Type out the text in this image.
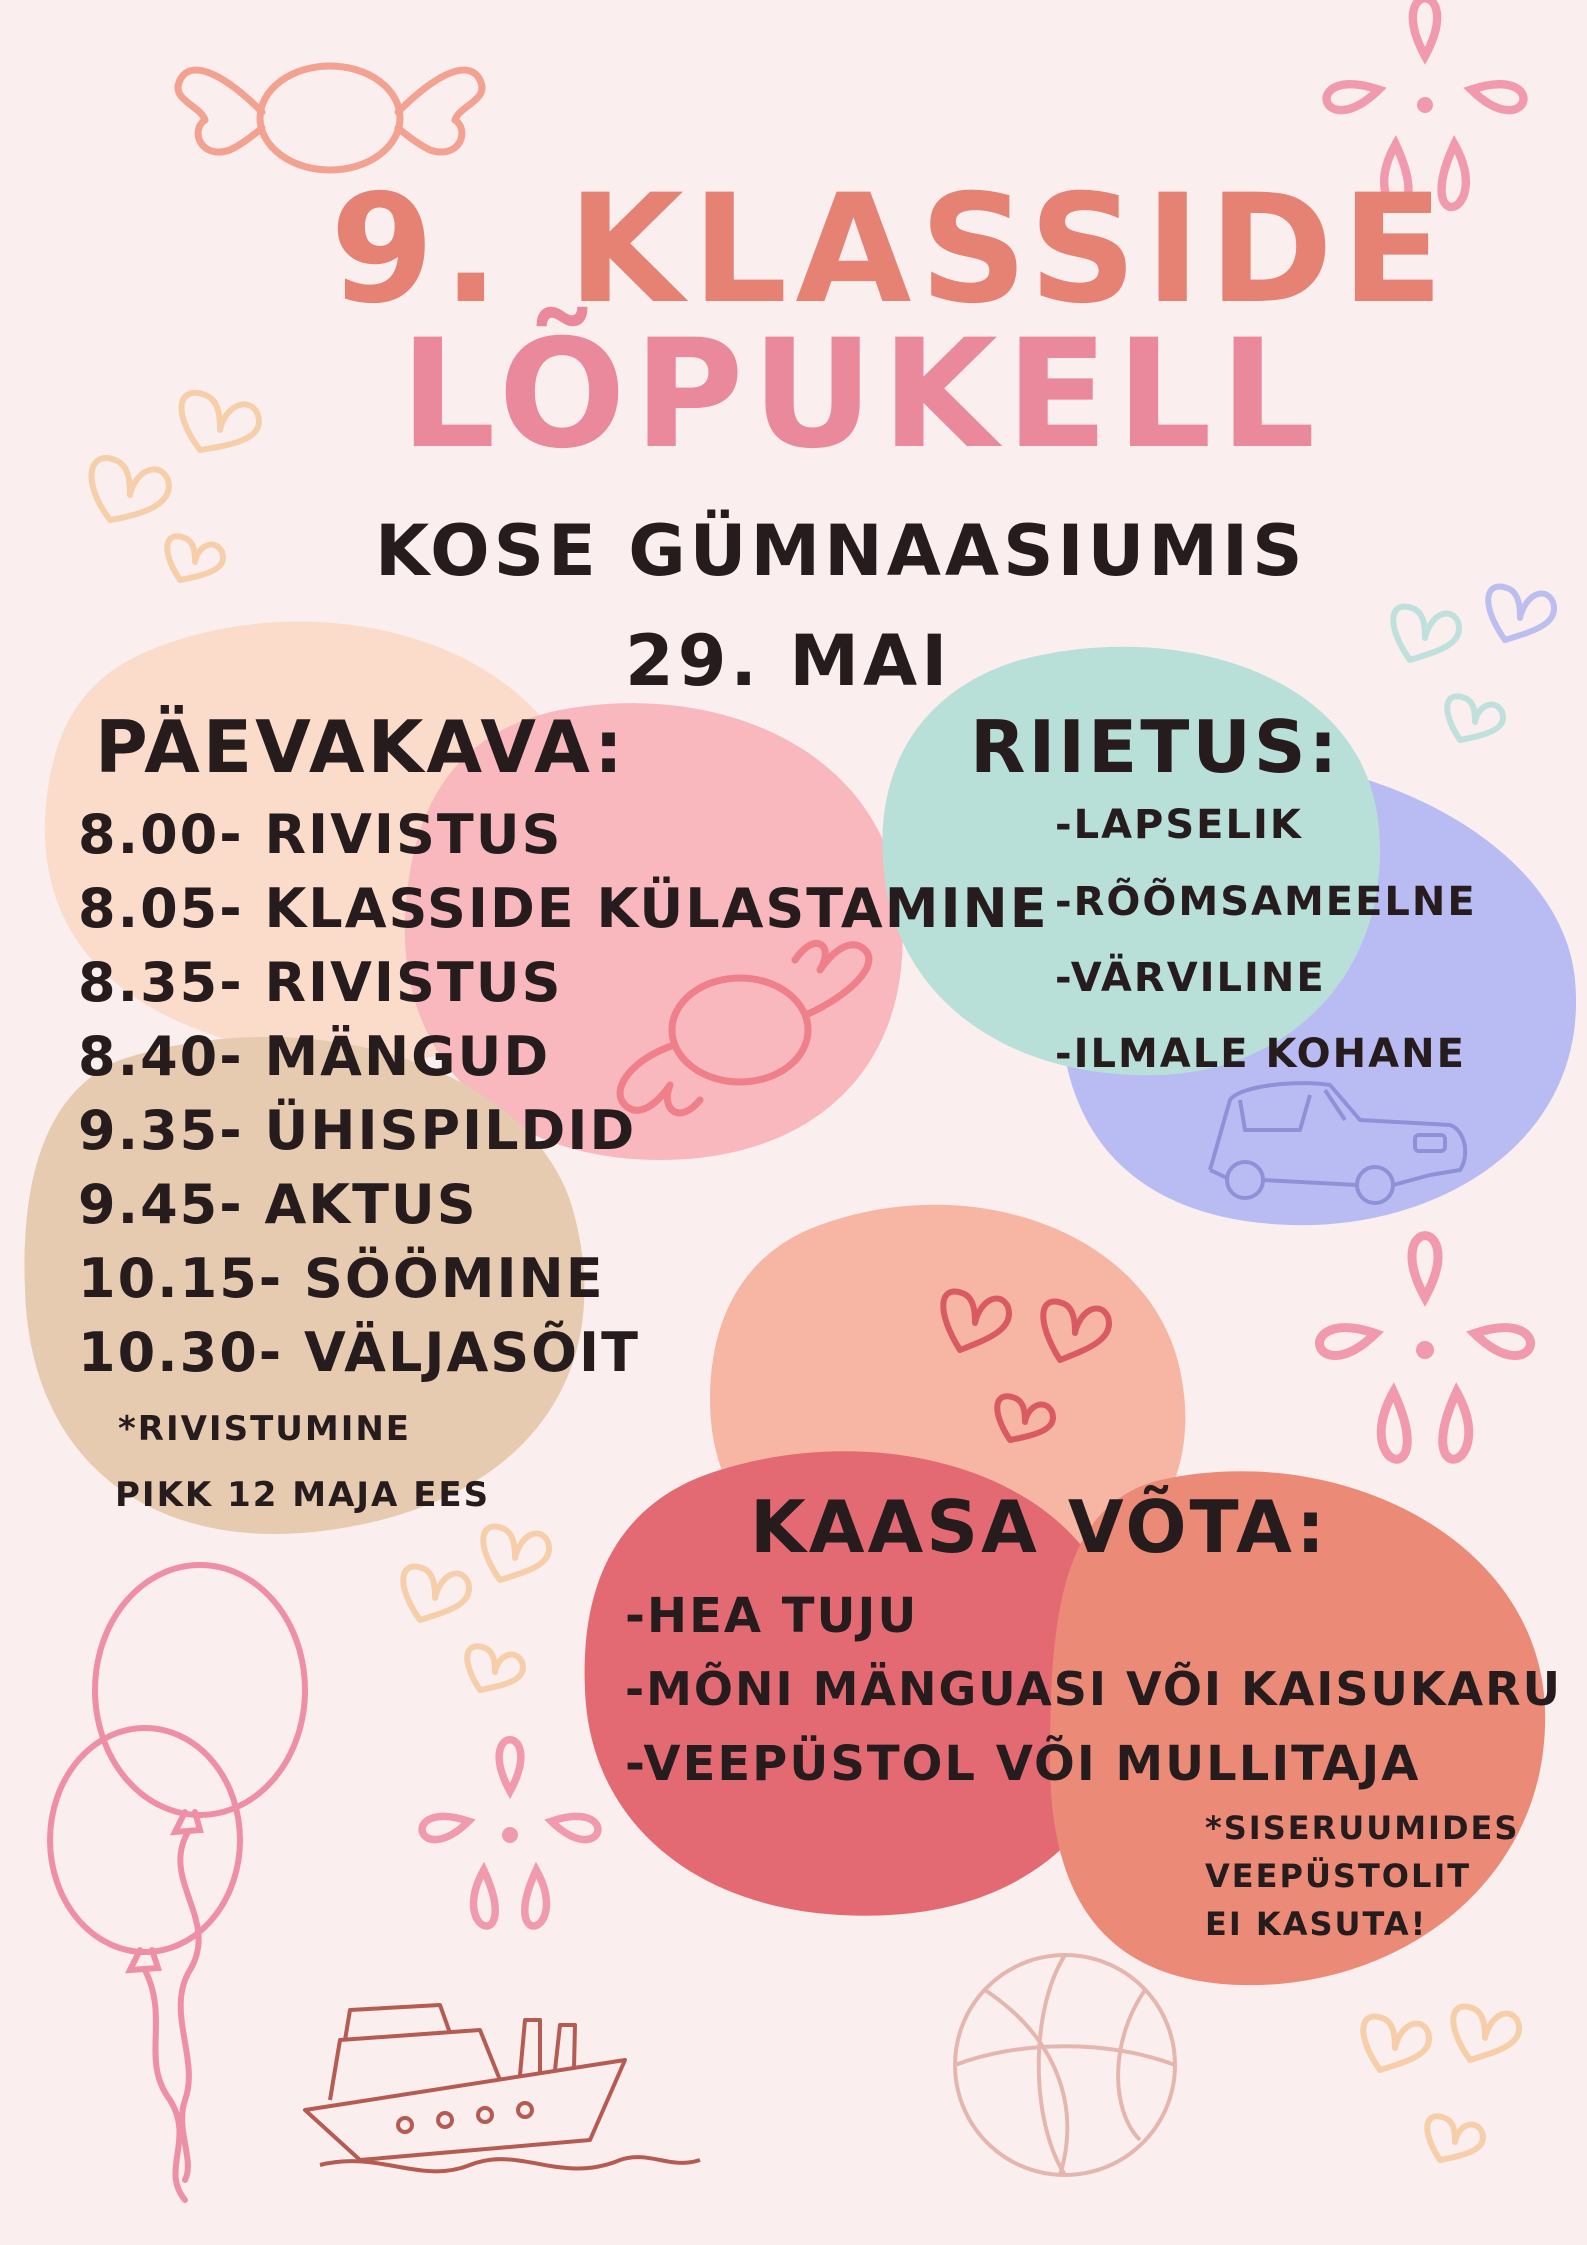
9. KLASSIDE
LÕPUKELL
KOSE GÜMNAASIUMIS
29. MAI
PÄEVAKAVA:
8.00- RIVISTUS
8.05- KLASSIDE KÜLASTAMINE
8.35- RIVISTUS
8.40- MÄNGUD
9.35- ÜHISPILDID
9.45- AKTUS
10.15- SÖÖMINE
10.30- VÄLJASÕIT
*RIVISTUMINE
PIKK 12 MAJA EES
RIIETUS:
-LAPSELIK
-RÕÕMSAMEELNE
-VÄRVILINE
-ILMALE KOHANE
KAASA VÕTA:
-HEA TUJU
-MÕNI MÄNGUASI VÕI KAISUKARU
-VEEPÜSTOL VÕI MULLITAJA
*SISERUUMIDES
VEEPÜSTOLIT
EI KASUTA!
